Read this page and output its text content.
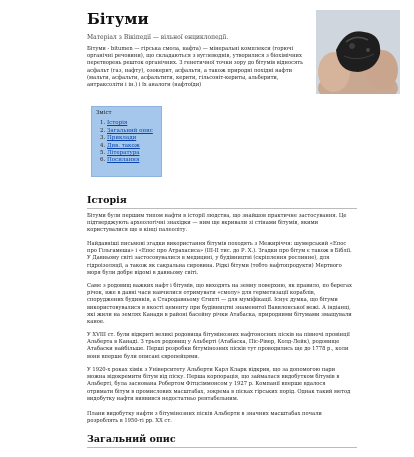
Бітуми
Матеріал з Вікіпедії — вільної енциклопедії.

Бітуми - bitumen — гірська смола, нафта) — мінеральні комплекси (горючі органічні речовини), що складаються з вуглеводнів, утворилися з біохімічних перетворень решток органічних. З генетичної точки зору до бітумів відносять асфальт (газ, нафту), озокерит, асфальти, а також природні похідні нафти (мальти, асфальти, асфальтити, керити, гільсоніт-кериты, альберити, антраксоліти і ін.) і їх аналоги (нафтоїди)

Зміст
1. Історія
2. Загальний опис
3. Приклади
4. Див. також
5. Література
6. Посилання
Історія

Бітуми були першим типом нафти в історії людства, що знайшов практичне застосування. Це підтверджують археологічні знахідки — ним ще вкривали зі стінами бітумів, якими користувалися ще в кінці палеоліту.

Найдавніші письмові згадки використання бітумів походять з Межиріччя: шумерський «Епос про Гільгамеша» і «Епос про Атрахасиса» (ІІІ-ІІ тис. до Р. Х.). Згадки про бітум є також в Біблії. У Давньому світі застосовувалися в медицині, у будівництві (скріплення рослинне), для гідроізоляції, а також як сакральна сировина. Рідкі бітуми (тобто нафтопродукти) Мертвого моря були добре відомі в давньому світі.

Саме з родовищ важких нафт і бітумів, що виходять на земну поверхню, як правило, по берегах річок, вже в давні часи навчилися отримувати «смолу» для герметизації кораблів, споруджених будинків, а Стародавньому Єгипті — для муміфікації. Існує думка, що бітуми використовувалися в якості цементу при будівництві знаменитої Вавилонської вежі. А індіанці, які жили на землях Канади в районі басейну річки Атабаска, природними бітумами змащували каное.

У XVIII ст. були відкриті великі родовища бітумінозних нафтоносних пісків на півночі провінції Альберта в Канаді. З трьох родовищ у Альберті (Атабаска, Піс-Рівер, Колд-Лейк), родовище Атабаски найбільше. Перші розробки бітумінозних пісків тут проводились ще до 1778 р., коли вони вперше були описані європейцями.

У 1920-х роках хімік з Університету Альберти Карл Кларк відкрив, що за допомогою пари можна відокремити бітум від піску. Перша корпорація, що займалася видобутком бітумів в Альберті, була заснована Робертом Фітцсіммонсом у 1927 р. Компанії вперше вдалося отримати бітум в промислових масштабах, зокрема в пісках гірських порід. Однак такий метод видобутку нафти виявився недостатньо рентабельним.

Плани видобутку нафти з бітумінозних пісків Альберти в значних масштабах почали розроблять в 1950-ті рр. ХХ ст.

Загальний опис
